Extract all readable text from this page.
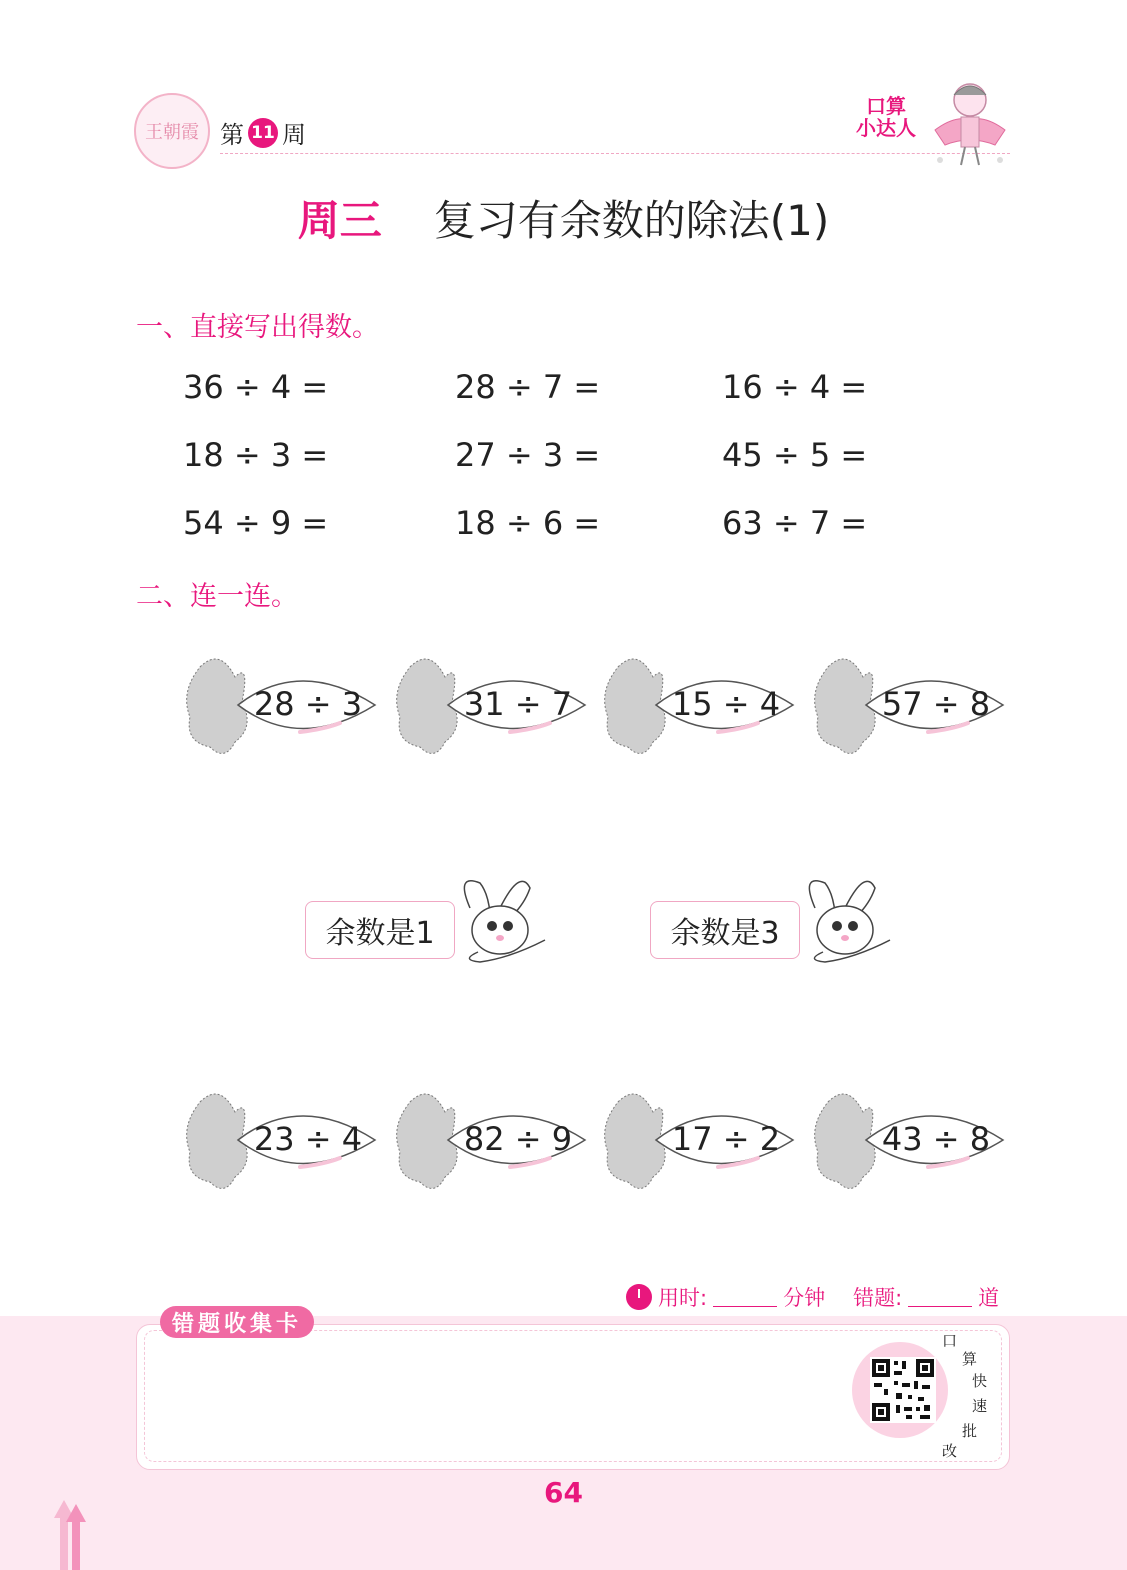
王朝霞 第 11 周
口算
小达人
周三 复习有余数的除法(1)
一、直接写出得数。
36 ÷ 4 =	28 ÷ 7 =	16 ÷ 4 =
18 ÷ 3 =	27 ÷ 3 =	45 ÷ 5 =
54 ÷ 9 =	18 ÷ 6 =	63 ÷ 7 =
二、连一连。
28 ÷ 3	31 ÷ 7	15 ÷ 4	57 ÷ 8
余数是1	余数是3
23 ÷ 4	82 ÷ 9	17 ÷ 2	43 ÷ 8
用时:	分钟 错题:	道
错题收集卡
口
算
快
速
批
改
64
